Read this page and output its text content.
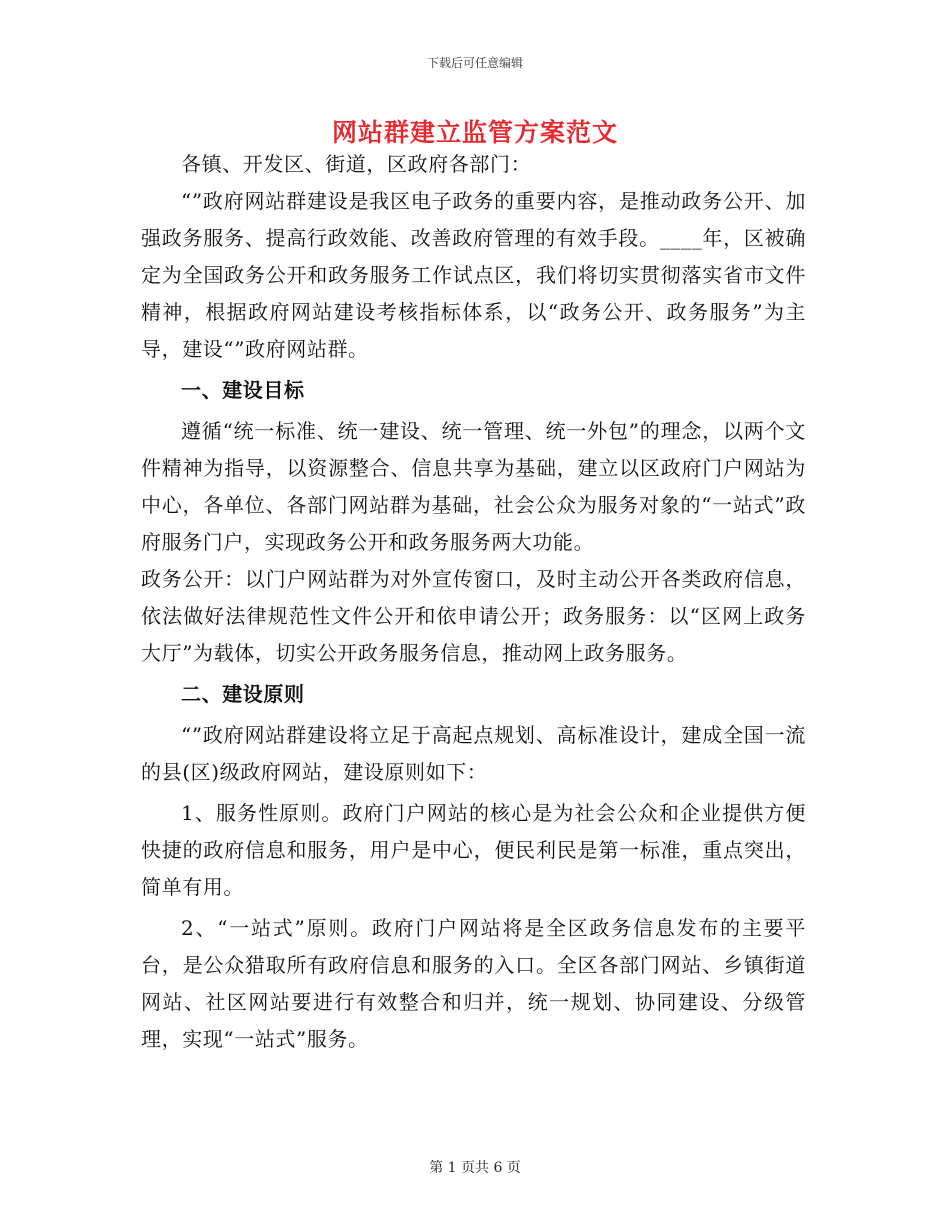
下载后可任意编辑
网站群建立监管方案范文

各镇、开发区、街道，区政府各部门：

“”政府网站群建设是我区电子政务的重要内容，是推动政务公开、加强政务服务、提高行政效能、改善政府管理的有效手段。____年，区被确定为全国政务公开和政务服务工作试点区，我们将切实贯彻落实省市文件精神，根据政府网站建设考核指标体系，以“政务公开、政务服务”为主导，建设“”政府网站群。

一、建设目标

遵循“统一标准、统一建设、统一管理、统一外包”的理念，以两个文件精神为指导，以资源整合、信息共享为基础，建立以区政府门户网站为中心，各单位、各部门网站群为基础，社会公众为服务对象的“一站式”政府服务门户，实现政务公开和政务服务两大功能。

政务公开：以门户网站群为对外宣传窗口，及时主动公开各类政府信息，依法做好法律规范性文件公开和依申请公开；政务服务：以“区网上政务大厅”为载体，切实公开政务服务信息，推动网上政务服务。

二、建设原则

“”政府网站群建设将立足于高起点规划、高标准设计，建成全国一流的县(区)级政府网站，建设原则如下：

1、服务性原则。政府门户网站的核心是为社会公众和企业提供方便快捷的政府信息和服务，用户是中心，便民利民是第一标准，重点突出，简单有用。

2、“一站式”原则。政府门户网站将是全区政务信息发布的主要平台，是公众猎取所有政府信息和服务的入口。全区各部门网站、乡镇街道网站、社区网站要进行有效整合和归并，统一规划、协同建设、分级管理，实现“一站式”服务。

第 1 页共 6 页
